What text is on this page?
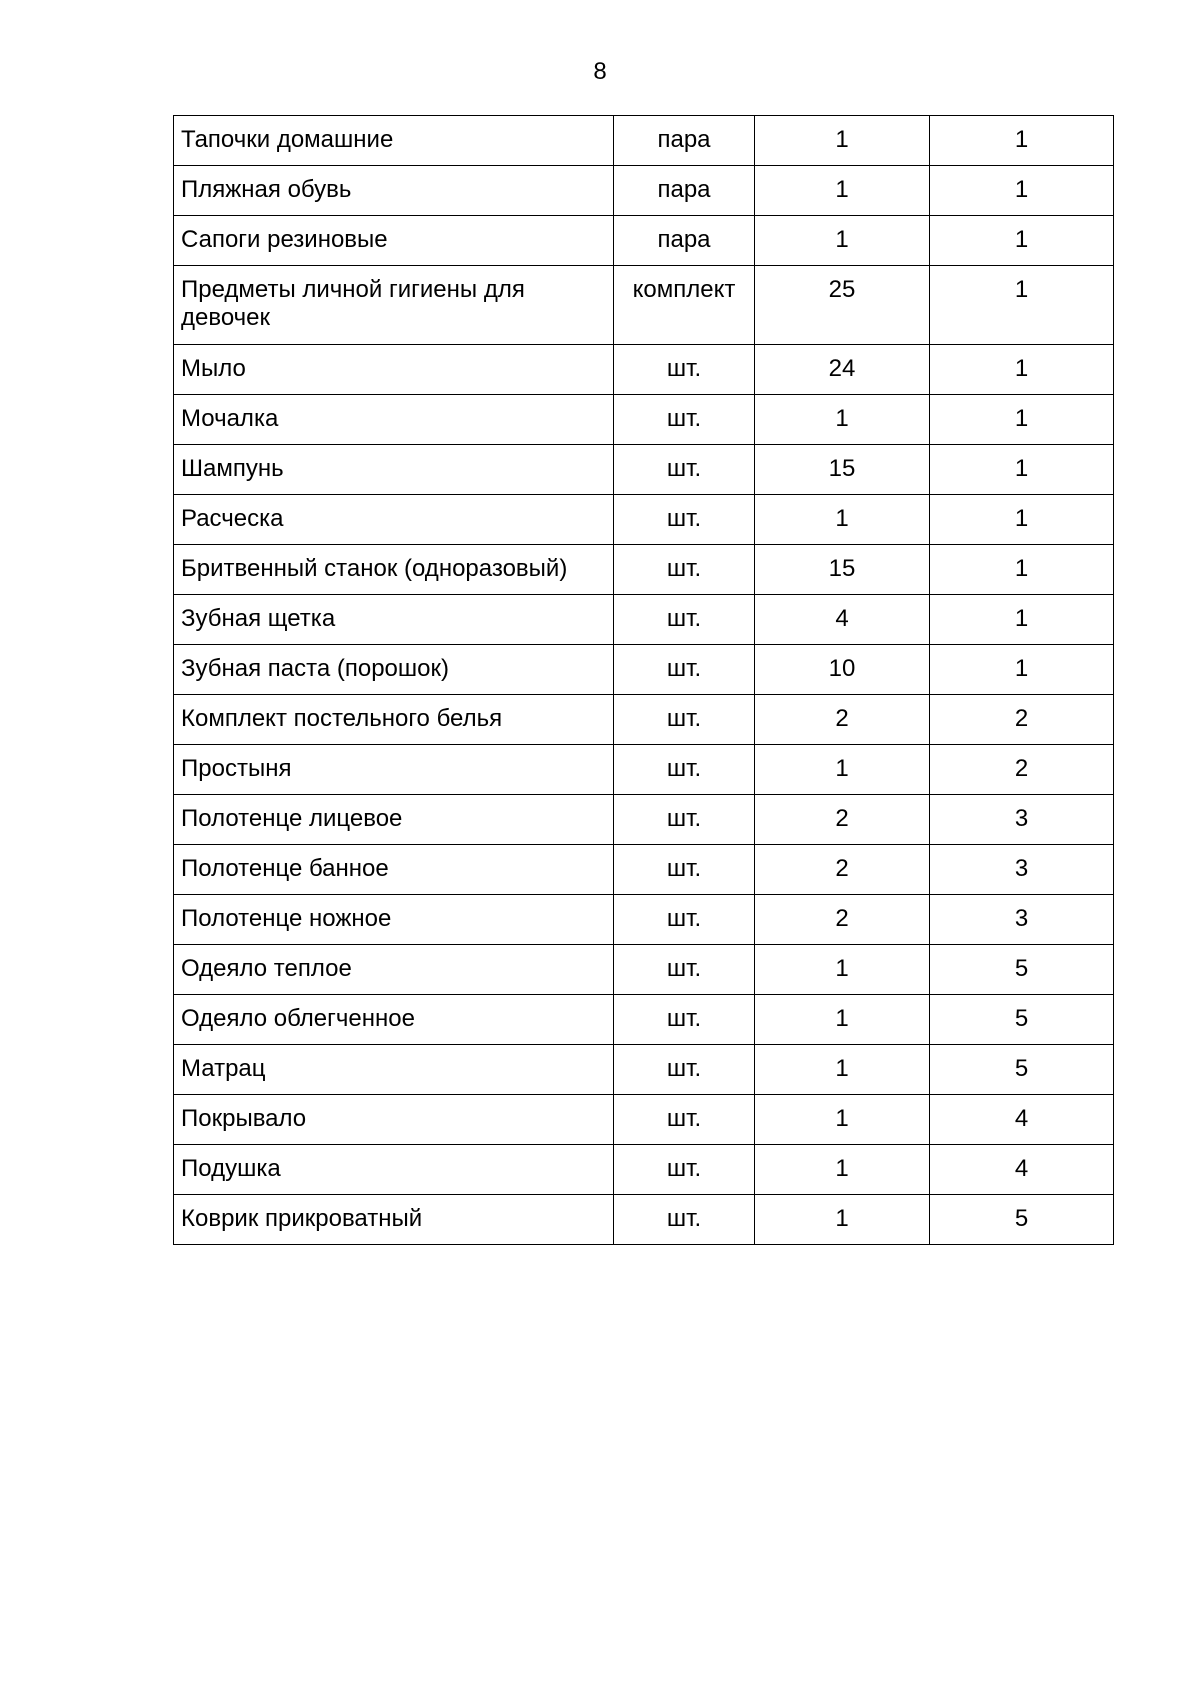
8
Тапочки домашние	пара	1	1
Пляжная обувь	пара	1	1
Сапоги резиновые	пара	1	1
Предметы личной гигиены для девочек	комплект	25	1
Мыло	шт.	24	1
Мочалка	шт.	1	1
Шампунь	шт.	15	1
Расческа	шт.	1	1
Бритвенный станок (одноразовый)	шт.	15	1
Зубная щетка	шт.	4	1
Зубная паста (порошок)	шт.	10	1
Комплект постельного белья	шт.	2	2
Простыня	шт.	1	2
Полотенце лицевое	шт.	2	3
Полотенце банное	шт.	2	3
Полотенце ножное	шт.	2	3
Одеяло теплое	шт.	1	5
Одеяло облегченное	шт.	1	5
Матрац	шт.	1	5
Покрывало	шт.	1	4
Подушка	шт.	1	4
Коврик прикроватный	шт.	1	5
